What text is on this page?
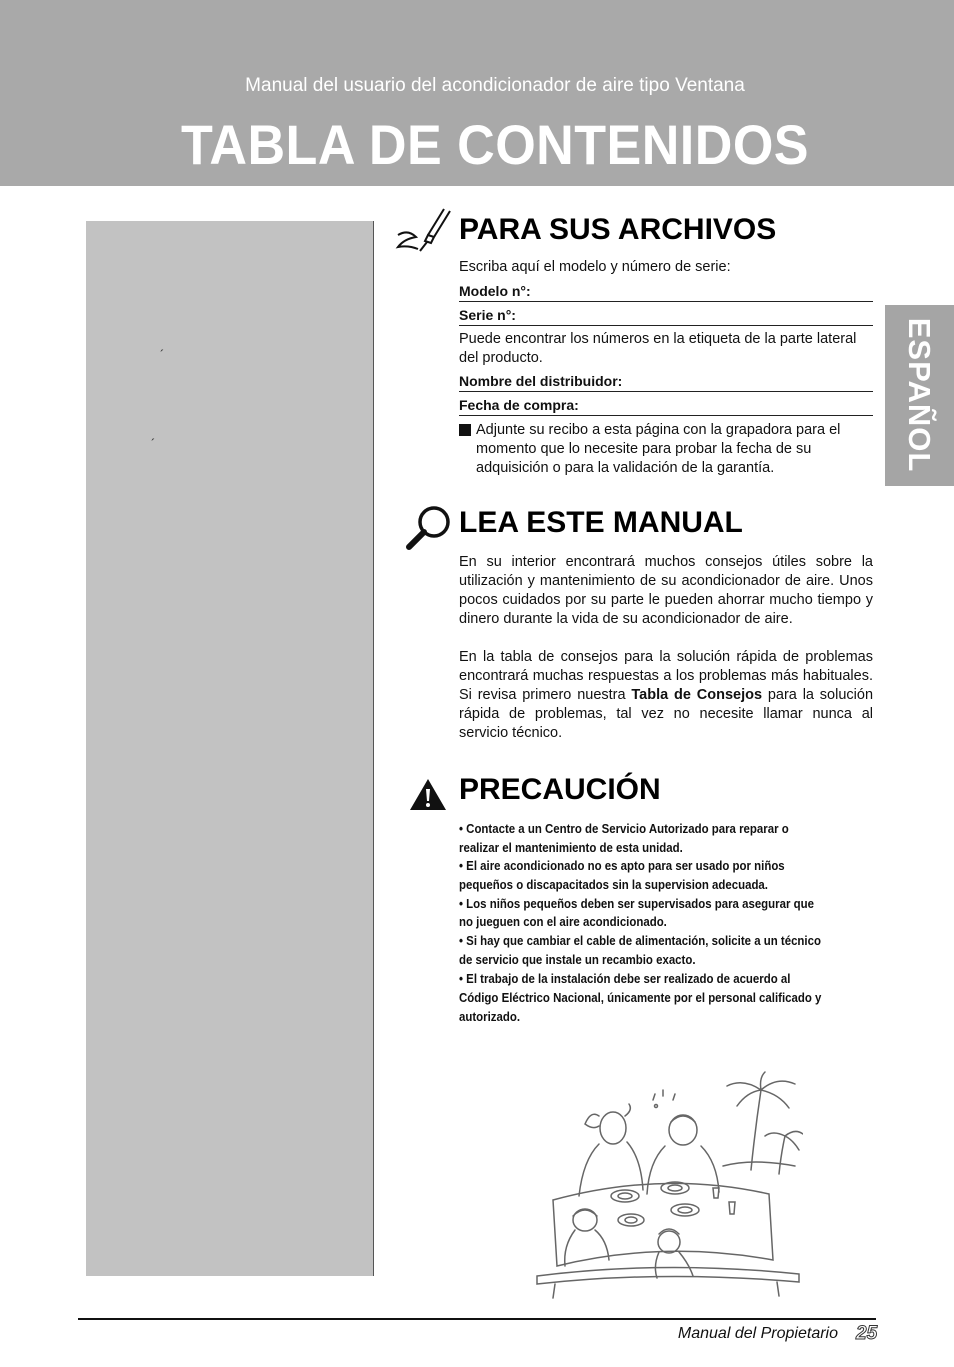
Manual del usuario del acondicionador de aire tipo Ventana
TABLA DE CONTENIDOS
´
´	ESPAÑOL
PARA SUS ARCHIVOS
Escriba aquí el modelo y número de serie:
Modelo n°:
Serie n°:
Puede encontrar los números en la etiqueta de la parte lateral del producto.
Nombre del distribuidor:
Fecha de compra:
Adjunte su recibo a esta página con la grapadora para el momento que lo necesite para probar la fecha de su adquisición o para la validación de la garantía.
LEA ESTE MANUAL
En su interior encontrará muchos consejos útiles sobre la utilización y mantenimiento de su acondicionador de aire. Unos pocos cuidados por su parte le pueden ahorrar mucho tiempo y dinero durante la vida de su acondicionador de aire.
En la tabla de consejos para la solución rápida de problemas encontrará muchas respuestas a los problemas más habituales. Si revisa primero nuestra Tabla de Consejos para la solución rápida de problemas, tal vez no necesite llamar nunca al servicio técnico.
PRECAUCIÓN
• Contacte a un Centro de Servicio Autorizado para reparar o
realizar el mantenimiento de esta unidad.
• El aire acondicionado no es apto para ser usado por niños
pequeños o discapacitados sin la supervision adecuada.
• Los niños pequeños deben ser supervisados para asegurar que
no jueguen con el aire acondicionado.
• Si hay que cambiar el cable de alimentación, solicite a un técnico
de servicio que instale un recambio exacto.
• El trabajo de la instalación debe ser realizado de acuerdo al
Código Eléctrico Nacional, únicamente por el personal calificado y
autorizado.
Manual del Propietario 25
